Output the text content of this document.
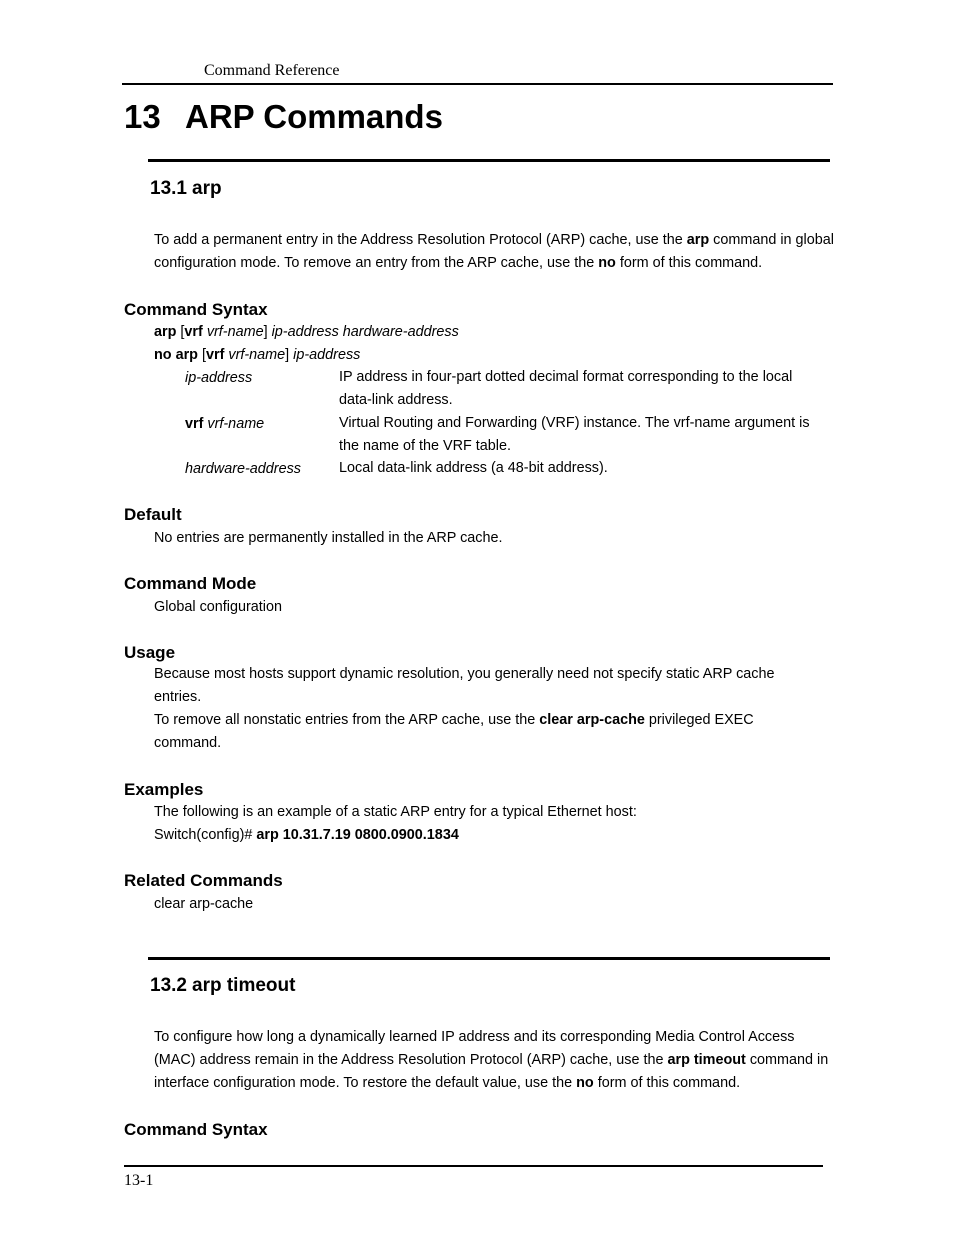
Command Reference
13 ARP Commands
13.1 arp
To add a permanent entry in the Address Resolution Protocol (ARP) cache, use the arp command in global configuration mode. To remove an entry from the ARP cache, use the no form of this command.
Command Syntax
arp [vrf vrf-name] ip-address hardware-address
no arp [vrf vrf-name] ip-address
ip-address	IP address in four-part dotted decimal format corresponding to the local data-link address.
vrf vrf-name	Virtual Routing and Forwarding (VRF) instance. The vrf-name argument is the name of the VRF table.
hardware-address	Local data-link address (a 48-bit address).
Default
No entries are permanently installed in the ARP cache.
Command Mode
Global configuration
Usage
Because most hosts support dynamic resolution, you generally need not specify static ARP cache entries.
To remove all nonstatic entries from the ARP cache, use the clear arp-cache privileged EXEC command.
Examples
The following is an example of a static ARP entry for a typical Ethernet host:
Switch(config)# arp 10.31.7.19 0800.0900.1834
Related Commands
clear arp-cache
13.2 arp timeout
To configure how long a dynamically learned IP address and its corresponding Media Control Access (MAC) address remain in the Address Resolution Protocol (ARP) cache, use the arp timeout command in interface configuration mode. To restore the default value, use the no form of this command.
Command Syntax
13-1
